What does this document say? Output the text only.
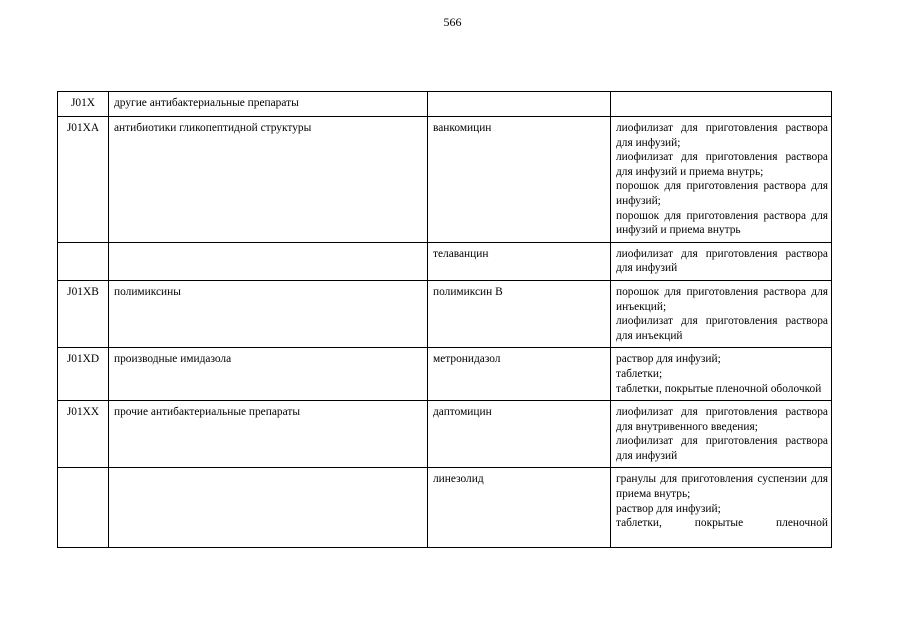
566
J01X	другие антибактериальные препараты		
J01XA	антибиотики гликопептидной структуры	ванкомицин	лиофилизат для приготовления раствора для инфузий;
лиофилизат для приготовления раствора для инфузий и приема внутрь;
порошок для приготовления раствора для инфузий;
порошок для приготовления раствора для инфузий и приема внутрь

		телаванцин	лиофилизат для приготовления раствора для инфузий

J01XB	полимиксины	полимиксин B	порошок для приготовления раствора для инъекций;
лиофилизат для приготовления раствора для инъекций

J01XD	производные имидазола	метронидазол	раствор для инфузий;
таблетки;
таблетки, покрытые пленочной оболочкой

J01XX	прочие антибактериальные препараты	даптомицин	лиофилизат для приготовления раствора для внутривенного введения;
лиофилизат для приготовления раствора для инфузий

		линезолид	гранулы для приготовления суспензии для приема внутрь;
раствор для инфузий;
таблетки, покрытые пленочной
